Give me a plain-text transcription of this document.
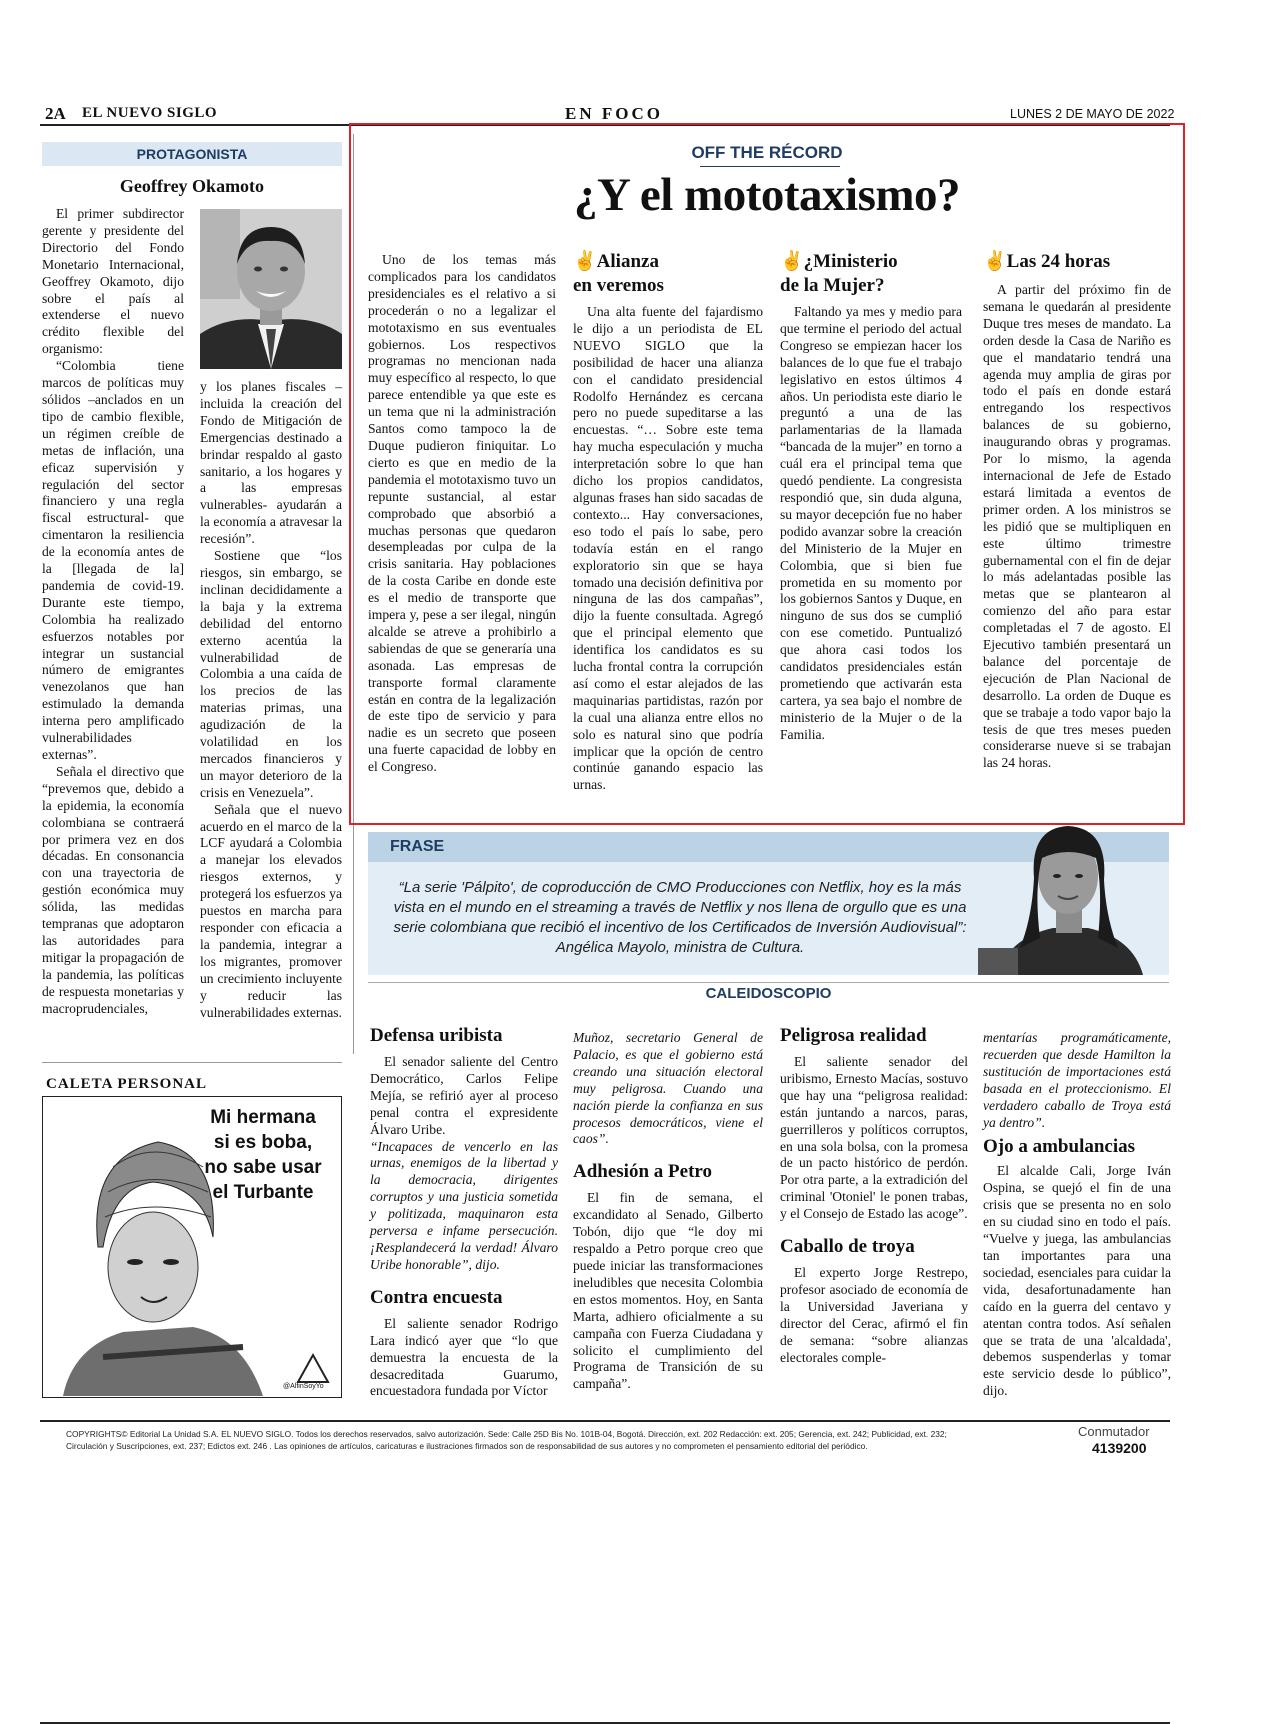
2A EL NUEVO SIGLO	EN FOCO	LUNES 2 DE MAYO DE 2022
PROTAGONISTA
Geoffrey Okamoto

El primer subdirector gerente y presidente del Directorio del Fondo Monetario Internacional, Geoffrey Okamoto, dijo sobre el país al extenderse el nuevo crédito flexible del organismo:

“Colombia tiene marcos de políticas muy sólidos –anclados en un tipo de cambio flexible, un régimen creíble de metas de inflación, una eficaz supervisión y regulación del sector financiero y una regla fiscal estructural- que cimentaron la resiliencia de la economía antes de la [llegada de la] pandemia de covid-19. Durante este tiempo, Colombia ha realizado esfuerzos notables por integrar un sustancial número de emigrantes venezolanos que han estimulado la demanda interna pero amplificado vulnerabilidades externas”.

Señala el directivo que “prevemos que, debido a la epidemia, la economía colombiana se contraerá por primera vez en dos décadas. En consonancia con una trayectoria de gestión económica muy sólida, las medidas tempranas que adoptaron las autoridades para mitigar la propagación de la pandemia, las políticas de respuesta monetarias y macroprudenciales,

y los planes fiscales –incluida la creación del Fondo de Mitigación de Emergencias destinado a brindar respaldo al gasto sanitario, a los hogares y a las empresas vulnerables- ayudarán a la economía a atravesar la recesión”.

Sostiene que “los riesgos, sin embargo, se inclinan decididamente a la baja y la extrema debilidad del entorno externo acentúa la vulnerabilidad de Colombia a una caída de los precios de las materias primas, una agudización de la volatilidad en los mercados financieros y un mayor deterioro de la crisis en Venezuela”.

Señala que el nuevo acuerdo en el marco de la LCF ayudará a Colombia a manejar los elevados riesgos externos, y protegerá los esfuerzos ya puestos en marcha para responder con eficacia a la pandemia, integrar a los migrantes, promover un crecimiento incluyente y reducir las vulnerabilidades externas.

OFF THE RÉCORD
¿Y el mototaxismo?

Uno de los temas más complicados para los candidatos presidenciales es el relativo a si procederán o no a legalizar el mototaxismo en sus eventuales gobiernos. Los respectivos programas no mencionan nada muy específico al respecto, lo que parece entendible ya que este es un tema que ni la administración Santos como tampoco la de Duque pudieron finiquitar. Lo cierto es que en medio de la pandemia el mototaxismo tuvo un repunte sustancial, al estar comprobado que absorbió a muchas personas que quedaron desempleadas por culpa de la crisis sanitaria. Hay poblaciones de la costa Caribe en donde este es el medio de transporte que impera y, pese a ser ilegal, ningún alcalde se atreve a prohibirlo a sabiendas de que se generaría una asonada. Las empresas de transporte formal claramente están en contra de la legalización de este tipo de servicio y para nadie es un secreto que poseen una fuerte capacidad de lobby en el Congreso.

✌Alianza
en veremos

Una alta fuente del fajardismo le dijo a un periodista de EL NUEVO SIGLO que la posibilidad de hacer una alianza con el candidato presidencial Rodolfo Hernández es cercana pero no puede supeditarse a las encuestas. “… Sobre este tema hay mucha especulación y mucha interpretación sobre lo que han dicho los propios candidatos, algunas frases han sido sacadas de contexto... Hay conversaciones, eso todo el país lo sabe, pero todavía están en el rango exploratorio sin que se haya tomado una decisión definitiva por ninguna de las dos campañas”, dijo la fuente consultada. Agregó que el principal elemento que identifica los candidatos es su lucha frontal contra la corrupción así como el estar alejados de las maquinarias partidistas, razón por la cual una alianza entre ellos no solo es natural sino que podría implicar que la opción de centro continúe ganando espacio las urnas.

✌¿Ministerio
de la Mujer?

Faltando ya mes y medio para que termine el periodo del actual Congreso se empiezan hacer los balances de lo que fue el trabajo legislativo en estos últimos 4 años. Un periodista este diario le preguntó a una de las parlamentarias de la llamada “bancada de la mujer” en torno a cuál era el principal tema que quedó pendiente. La congresista respondió que, sin duda alguna, su mayor decepción fue no haber podido avanzar sobre la creación del Ministerio de la Mujer en Colombia, que si bien fue prometida en su momento por los gobiernos Santos y Duque, en ninguno de sus dos se cumplió con ese cometido. Puntualizó que ahora casi todos los candidatos presidenciales están prometiendo que activarán esta cartera, ya sea bajo el nombre de ministerio de la Mujer o de la Familia.

✌Las 24 horas

A partir del próximo fin de semana le quedarán al presidente Duque tres meses de mandato. La orden desde la Casa de Nariño es que el mandatario tendrá una agenda muy amplia de giras por todo el país en donde estará entregando los respectivos balances de su gobierno, inaugurando obras y programas. Por lo mismo, la agenda internacional de Jefe de Estado estará limitada a eventos de primer orden. A los ministros se les pidió que se multipliquen en este último trimestre gubernamental con el fin de dejar lo más adelantadas posible las metas que se plantearon al comienzo del año para estar completadas el 7 de agosto. El Ejecutivo también presentará un balance del porcentaje de ejecución de Plan Nacional de desarrollo. La orden de Duque es que se trabaje a todo vapor bajo la tesis de que tres meses pueden considerarse nueve si se trabajan las 24 horas.

FRASE
“La serie 'Pálpito', de coproducción de CMO Producciones con Netflix, hoy es la más vista en el mundo en el streaming a través de Netflix y nos llena de orgullo que es una serie colombiana que recibió el incentivo de los Certificados de Inversión Audiovisual”: Angélica Mayolo, ministra de Cultura.
CALEIDOSCOPIO
CALETA PERSONAL
Mi hermana
si es boba,
no sabe usar
el Turbante
@AlfinSoyYo
Defensa uribista

El senador saliente del Centro Democrático, Carlos Felipe Mejía, se refirió ayer al proceso penal contra el expresidente Álvaro Uribe.

“Incapaces de vencerlo en las urnas, enemigos de la libertad y la democracia, dirigentes corruptos y una justicia sometida y politizada, maquinaron esta perversa e infame persecución. ¡Resplandecerá la verdad! Álvaro Uribe honorable”, dijo.

Contra encuesta

El saliente senador Rodrigo Lara indicó ayer que “lo que demuestra la encuesta de la desacreditada Guarumo, encuestadora fundada por Víctor

Muñoz, secretario General de Palacio, es que el gobierno está creando una situación electoral muy peligrosa. Cuando una nación pierde la confianza en sus procesos democráticos, viene el caos”.

Adhesión a Petro

El fin de semana, el excandidato al Senado, Gilberto Tobón, dijo que “le doy mi respaldo a Petro porque creo que puede iniciar las transformaciones ineludibles que necesita Colombia en estos momentos. Hoy, en Santa Marta, adhiero oficialmente a su campaña con Fuerza Ciudadana y solicito el cumplimiento del Programa de Transición de su campaña”.

Peligrosa realidad

El saliente senador del uribismo, Ernesto Macías, sostuvo que hay una “peligrosa realidad: están juntando a narcos, paras, guerrilleros y políticos corruptos, en una sola bolsa, con la promesa de un pacto histórico de perdón. Por otra parte, a la extradición del criminal 'Otoniel' le ponen trabas, y el Consejo de Estado las acoge”.

Caballo de troya

El experto Jorge Restrepo, profesor asociado de economía de la Universidad Javeriana y director del Cerac, afirmó el fin de semana: “sobre alianzas electorales comple-

mentarías programáticamente, recuerden que desde Hamilton la sustitución de importaciones está basada en el proteccionismo. El verdadero caballo de Troya está ya dentro”.

Ojo a ambulancias

El alcalde Cali, Jorge Iván Ospina, se quejó el fin de una crisis que se presenta no en solo en su ciudad sino en todo el país. “Vuelve y juega, las ambulancias tan importantes para una sociedad, esenciales para cuidar la vida, desafortunadamente han caído en la guerra del centavo y atentan contra todos. Así señalen que se trata de una 'alcaldada', debemos suspenderlas y tomar este servicio desde lo público”, dijo.

COPYRIGHTS© Editorial La Unidad S.A. EL NUEVO SIGLO. Todos los derechos reservados, salvo autorización. Sede: Calle 25D Bis No. 101B-04, Bogotá. Dirección, ext. 202 Redacción: ext. 205; Gerencia, ext. 242; Publicidad, ext. 232;
Circulación y Suscripciones, ext. 237; Edictos ext. 246 . Las opiniones de artículos, caricaturas e ilustraciones firmados son de responsabilidad de sus autores y no comprometen el pensamiento editorial del periódico.
Conmutador
4139200
